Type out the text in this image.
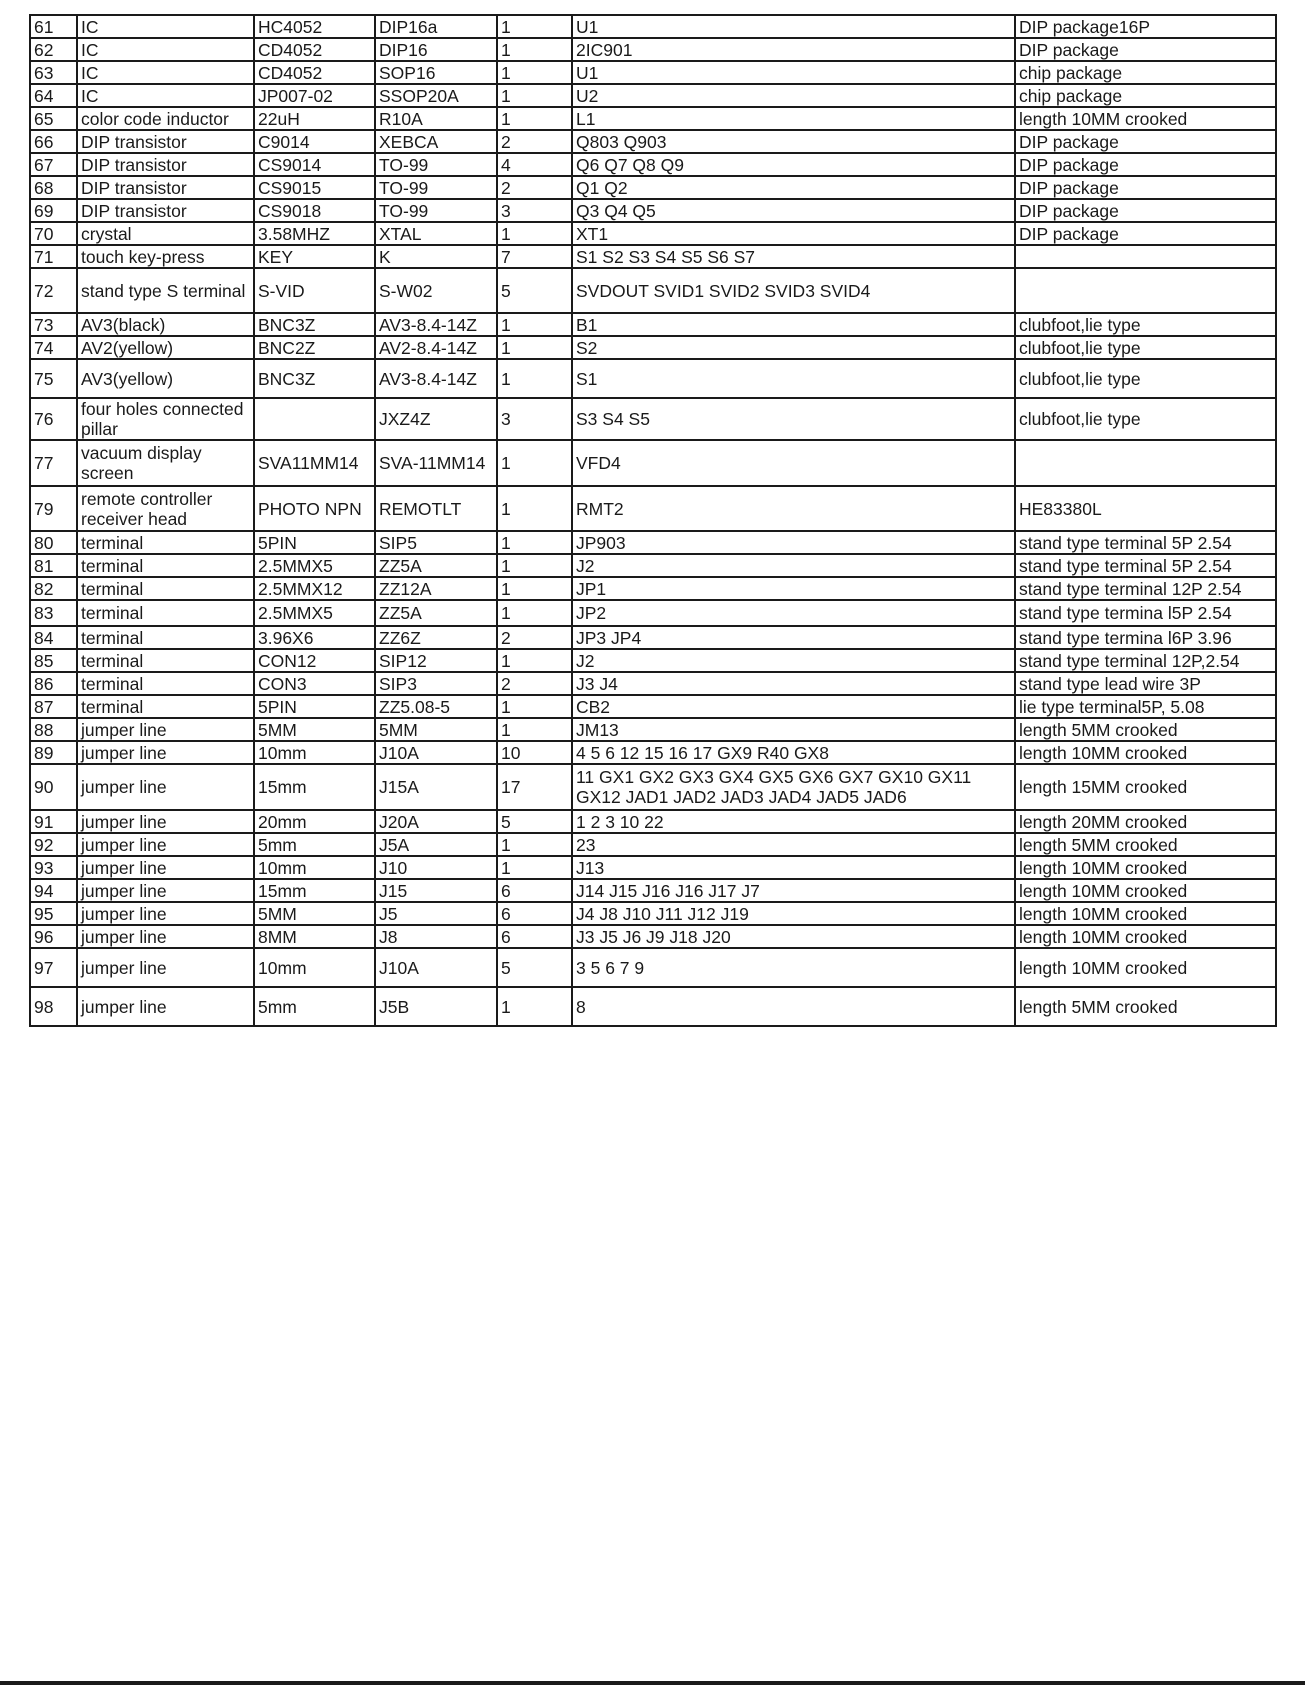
61	IC	HC4052	DIP16a	1	U1	DIP package16P
62	IC	CD4052	DIP16	1	2IC901	DIP package
63	IC	CD4052	SOP16	1	U1	chip package
64	IC	JP007-02	SSOP20A	1	U2	chip package
65	color code inductor	22uH	R10A	1	L1	length 10MM crooked
66	DIP transistor	C9014	XEBCA	2	Q803 Q903	DIP package
67	DIP transistor	CS9014	TO-99	4	Q6 Q7 Q8 Q9	DIP package
68	DIP transistor	CS9015	TO-99	2	Q1 Q2	DIP package
69	DIP transistor	CS9018	TO-99	3	Q3 Q4 Q5	DIP package
70	crystal	3.58MHZ	XTAL	1	XT1	DIP package
71	touch key-press	KEY	K	7	S1 S2 S3 S4 S5 S6 S7	
72	stand type S terminal	S-VID	S-W02	5	SVDOUT SVID1 SVID2 SVID3 SVID4	
73	AV3(black)	BNC3Z	AV3-8.4-14Z	1	B1	clubfoot,lie type
74	AV2(yellow)	BNC2Z	AV2-8.4-14Z	1	S2	clubfoot,lie type
75	AV3(yellow)	BNC3Z	AV3-8.4-14Z	1	S1	clubfoot,lie type
76	four holes connected pillar		JXZ4Z	3	S3 S4 S5	clubfoot,lie type
77	vacuum display screen	SVA11MM14	SVA-11MM14	1	VFD4	
79	remote controller receiver head	PHOTO NPN	REMOTLT	1	RMT2	HE83380L
80	terminal	5PIN	SIP5	1	JP903	stand type terminal 5P 2.54
81	terminal	2.5MMX5	ZZ5A	1	J2	stand type terminal 5P 2.54
82	terminal	2.5MMX12	ZZ12A	1	JP1	stand type terminal 12P 2.54
83	terminal	2.5MMX5	ZZ5A	1	JP2	stand type termina l5P 2.54
84	terminal	3.96X6	ZZ6Z	2	JP3 JP4	stand type termina l6P 3.96
85	terminal	CON12	SIP12	1	J2	stand type terminal 12P,2.54
86	terminal	CON3	SIP3	2	J3 J4	stand type lead wire 3P
87	terminal	5PIN	ZZ5.08-5	1	CB2	lie type terminal5P, 5.08
88	jumper line	5MM	5MM	1	JM13	length 5MM crooked
89	jumper line	10mm	J10A	10	4 5 6 12 15 16 17 GX9 R40 GX8	length 10MM crooked
90	jumper line	15mm	J15A	17	11 GX1 GX2 GX3 GX4 GX5 GX6 GX7 GX10 GX11 GX12 JAD1 JAD2 JAD3 JAD4 JAD5 JAD6	length 15MM crooked
91	jumper line	20mm	J20A	5	1 2 3 10 22	length 20MM crooked
92	jumper line	5mm	J5A	1	23	length 5MM crooked
93	jumper line	10mm	J10	1	J13	length 10MM crooked
94	jumper line	15mm	J15	6	J14 J15 J16 J16 J17 J7	length 10MM crooked
95	jumper line	5MM	J5	6	J4 J8 J10 J11 J12 J19	length 10MM crooked
96	jumper line	8MM	J8	6	J3 J5 J6 J9 J18 J20	length 10MM crooked
97	jumper line	10mm	J10A	5	3 5 6 7 9	length 10MM crooked
98	jumper line	5mm	J5B	1	8	length 5MM crooked
